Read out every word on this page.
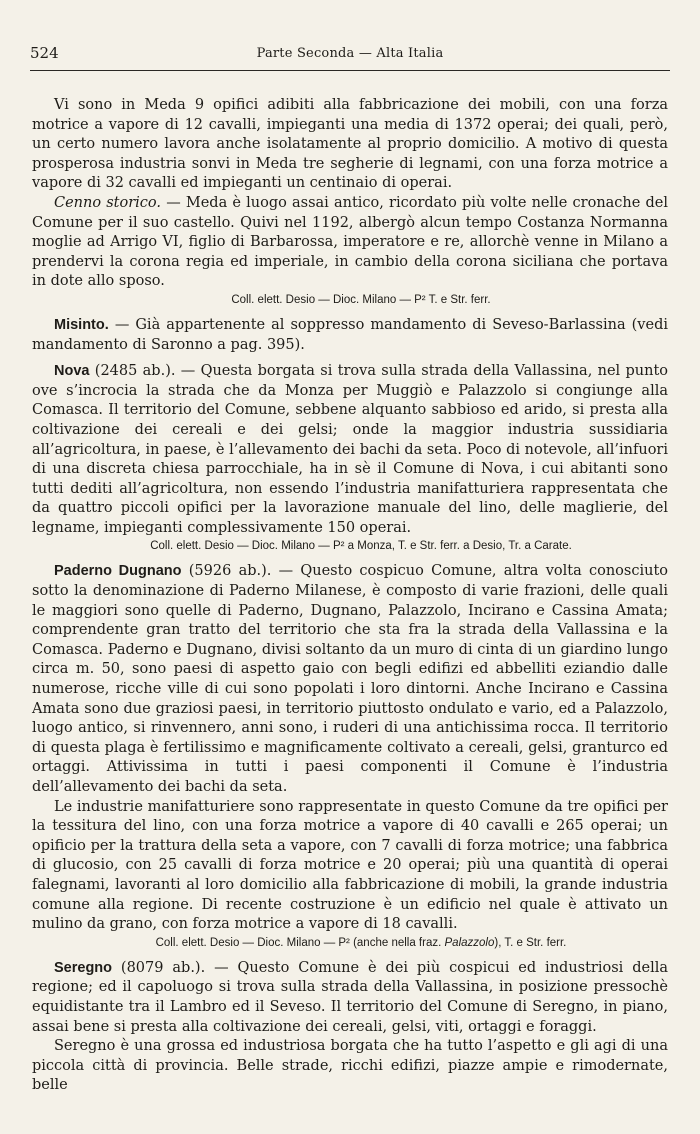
524	Parte Seconda — Alta Italia

Vi sono in Meda 9 opifici adibiti alla fabbricazione dei mobili, con una forza motrice a vapore di 12 cavalli, impieganti una media di 1372 operai; dei quali, però, un certo numero lavora anche isolatamente al proprio domicilio. A motivo di questa prosperosa industria sonvi in Meda tre segherie di legnami, con una forza motrice a vapore di 32 cavalli ed impieganti un centinaio di operai.

Cenno storico. — Meda è luogo assai antico, ricordato più volte nelle cronache del Comune per il suo castello. Quivi nel 1192, albergò alcun tempo Costanza Normanna moglie ad Arrigo VI, figlio di Barbarossa, imperatore e re, allorchè venne in Milano a prendervi la corona regia ed imperiale, in cambio della corona siciliana che portava in dote allo sposo.

Coll. elett. Desio — Dioc. Milano — P² T. e Str. ferr.

Misinto. — Già appartenente al soppresso mandamento di Seveso-Barlassina (vedi mandamento di Saronno a pag. 395).

Nova (2485 ab.). — Questa borgata si trova sulla strada della Vallassina, nel punto ove s’incrocia la strada che da Monza per Muggiò e Palazzolo si congiunge alla Comasca. Il territorio del Comune, sebbene alquanto sabbioso ed arido, si presta alla coltivazione dei cereali e dei gelsi; onde la maggior industria sussidiaria all’agricoltura, in paese, è l’allevamento dei bachi da seta. Poco di notevole, all’infuori di una discreta chiesa parrocchiale, ha in sè il Comune di Nova, i cui abitanti sono tutti dediti all’agricoltura, non essendo l’industria manifatturiera rappresentata che da quattro piccoli opifici per la lavorazione manuale del lino, delle maglierie, del legname, impieganti complessivamente 150 operai.

Coll. elett. Desio — Dioc. Milano — P² a Monza, T. e Str. ferr. a Desio, Tr. a Carate.

Paderno Dugnano (5926 ab.). — Questo cospicuo Comune, altra volta conosciuto sotto la denominazione di Paderno Milanese, è composto di varie frazioni, delle quali le maggiori sono quelle di Paderno, Dugnano, Palazzolo, Incirano e Cassina Amata; comprendente gran tratto del territorio che sta fra la strada della Vallassina e la Comasca. Paderno e Dugnano, divisi soltanto da un muro di cinta di un giardino lungo circa m. 50, sono paesi di aspetto gaio con begli edifizi ed abbelliti eziandio dalle numerose, ricche ville di cui sono popolati i loro dintorni. Anche Incirano e Cassina Amata sono due graziosi paesi, in territorio piuttosto ondulato e vario, ed a Palazzolo, luogo antico, si rinvennero, anni sono, i ruderi di una antichissima rocca. Il territorio di questa plaga è fertilissimo e magnificamente coltivato a cereali, gelsi, granturco ed ortaggi. Attivissima in tutti i paesi componenti il Comune è l’industria dell’allevamento dei bachi da seta.

Le industrie manifatturiere sono rappresentate in questo Comune da tre opifici per la tessitura del lino, con una forza motrice a vapore di 40 cavalli e 265 operai; un opificio per la trattura della seta a vapore, con 7 cavalli di forza motrice; una fabbrica di glucosio, con 25 cavalli di forza motrice e 20 operai; più una quantità di operai falegnami, lavoranti al loro domicilio alla fabbricazione di mobili, la grande industria comune alla regione. Di recente costruzione è un edificio nel quale è attivato un mulino da grano, con forza motrice a vapore di 18 cavalli.

Coll. elett. Desio — Dioc. Milano — P² (anche nella fraz. Palazzolo), T. e Str. ferr.

Seregno (8079 ab.). — Questo Comune è dei più cospicui ed industriosi della regione; ed il capoluogo si trova sulla strada della Vallassina, in posizione pressochè equidistante tra il Lambro ed il Seveso. Il territorio del Comune di Seregno, in piano, assai bene si presta alla coltivazione dei cereali, gelsi, viti, ortaggi e foraggi.

Seregno è una grossa ed industriosa borgata che ha tutto l’aspetto e gli agi di una piccola città di provincia. Belle strade, ricchi edifizi, piazze ampie e rimodernate, belle
